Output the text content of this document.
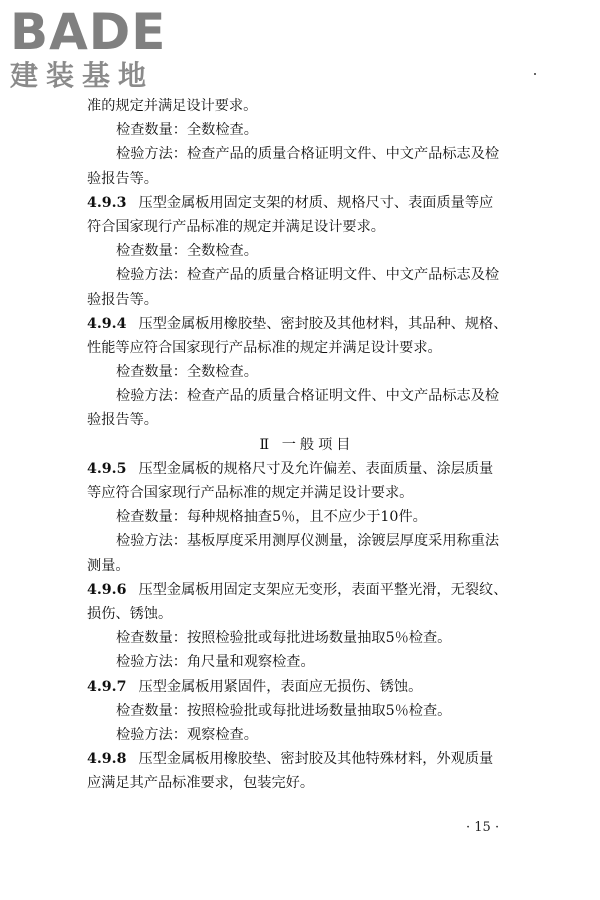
BADE
建装基地
准的规定并满足设计要求。
检查数量：全数检查。
检验方法：检查产品的质量合格证明文件、中文产品标志及检
验报告等。
4.9.3 压型金属板用固定支架的材质、规格尺寸、表面质量等应
符合国家现行产品标准的规定并满足设计要求。
检查数量：全数检查。
检验方法：检查产品的质量合格证明文件、中文产品标志及检
验报告等。
4.9.4 压型金属板用橡胶垫、密封胶及其他材料，其品种、规格、
性能等应符合国家现行产品标准的规定并满足设计要求。
检查数量：全数检查。
检验方法：检查产品的质量合格证明文件、中文产品标志及检
验报告等。
Ⅱ 一般项目
4.9.5 压型金属板的规格尺寸及允许偏差、表面质量、涂层质量
等应符合国家现行产品标准的规定并满足设计要求。
检查数量：每种规格抽查5％，且不应少于10件。
检验方法：基板厚度采用测厚仪测量，涂镀层厚度采用称重法
测量。
4.9.6 压型金属板用固定支架应无变形，表面平整光滑，无裂纹、
损伤、锈蚀。
检查数量：按照检验批或每批进场数量抽取5％检查。
检验方法：角尺量和观察检查。
4.9.7 压型金属板用紧固件，表面应无损伤、锈蚀。
检查数量：按照检验批或每批进场数量抽取5％检查。
检验方法：观察检查。
4.9.8 压型金属板用橡胶垫、密封胶及其他特殊材料，外观质量
应满足其产品标准要求，包装完好。
· 15 ·
